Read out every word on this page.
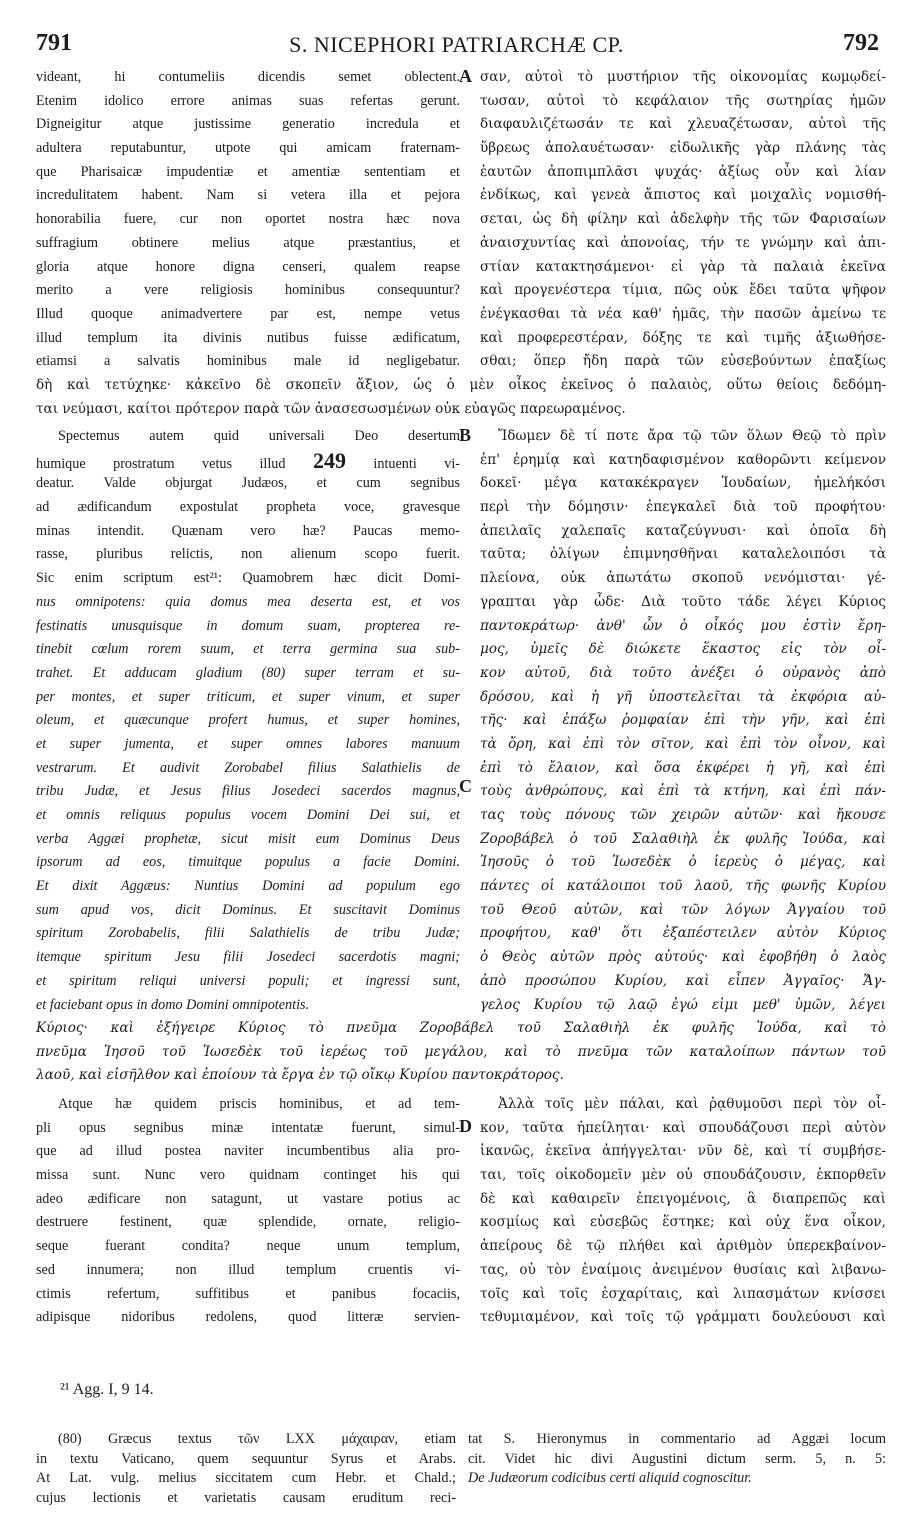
791	S. NICEPHORI PATRIARCHÆ CP.	792
A
videant, hi contumeliis dicendis semet oblectent.
Etenim idolico errore animas suas refertas gerunt.
Digneigitur atque justissime generatio incredula et
adultera reputabuntur, utpote qui amicam fraternam-
que Pharisaicæ impudentiæ et amentiæ sententiam et
incredulitatem habent. Nam si vetera illa et pejora
honorabilia fuere, cur non oportet nostra hæc nova
suffragium obtinere melius atque præstantius, et
gloria atque honore digna censeri, qualem reapse
merito a vere religiosis hominibus consequuntur?
Illud quoque animadvertere par est, nempe vetus
illud templum ita divinis nutibus fuisse ædificatum,
etiamsi a salvatis hominibus male id negligebatur.
σαν, αὐτοὶ τὸ μυστήριον τῆς οἰκονομίας κωμῳδεί-
τωσαν, αὐτοὶ τὸ κεφάλαιον τῆς σωτηρίας ἡμῶν
διαφαυλιζέτωσάν τε καὶ χλευαζέτωσαν, αὐτοὶ τῆς
ὕβρεως ἀπολαυέτωσαν· εἰδωλικῆς γὰρ πλάνης τὰς
ἑαυτῶν ἀποπιμπλᾶσι ψυχάς· ἀξίως οὖν καὶ λίαν
ἐνδίκως, καὶ γενεὰ ἄπιστος καὶ μοιχαλὶς νομισθή-
σεται, ὡς δὴ φίλην καὶ ἀδελφὴν τῆς τῶν Φαρισαίων
ἀναισχυντίας καὶ ἀπονοίας, τήν τε γνώμην καὶ ἀπι-
στίαν κατακτησάμενοι· εἰ γὰρ τὰ παλαιὰ ἐκεῖνα
καὶ προγενέστερα τίμια, πῶς οὐκ ἔδει ταῦτα ψῆφον
ἐνέγκασθαι τὰ νέα καθ' ἡμᾶς, τὴν πασῶν ἀμείνω τε
καὶ προφερεστέραν, δόξης τε καὶ τιμῆς ἀξιωθήσε-
σθαι; ὅπερ ἤδη παρὰ τῶν εὐσεβούντων ἐπαξίως
δὴ καὶ τετύχηκε· κἀκεῖνο δὲ σκοπεῖν ἄξιον, ὡς ὁ μὲν οἶκος ἐκεῖνος ὁ παλαιὸς, οὕτω θείοις δεδόμη-
ται νεύμασι, καίτοι πρότερον παρὰ τῶν ἀνασεσωσμένων οὐκ εὐαγῶς παρεωραμένος.
B
C
Spectemus autem quid universali Deo desertum
humique prostratum vetus illud 249 intuenti vi-
deatur. Valde objurgat Judæos, et cum segnibus
ad ædificandum expostulat propheta voce, gravesque
minas intendit. Quænam vero hæ? Paucas memo-
rasse, pluribus relictis, non alienum scopo fuerit.
Sic enim scriptum est²¹: Quamobrem hæc dicit Domi-
nus omnipotens: quia domus mea deserta est, et vos
festinatis unusquisque in domum suam, propterea re-
tinebit cœlum rorem suum, et terra germina sua sub-
trahet. Et adducam gladium (80) super terram et su-
per montes, et super triticum, et super vinum, et super
oleum, et quæcunque profert humus, et super homines,
et super jumenta, et super omnes labores manuum
vestrarum. Et audivit Zorobabel filius Salathielis de
tribu Judæ, et Jesus filius Josedeci sacerdos magnus,
et omnis reliquus populus vocem Domini Dei sui, et
verba Aggæi prophetæ, sicut misit eum Dominus Deus
ipsorum ad eos, timuitque populus a facie Domini.
Et dixit Aggæus: Nuntius Domini ad populum ego
sum apud vos, dicit Dominus. Et suscitavit Dominus
spiritum Zorobabelis, filii Salathielis de tribu Judæ;
itemque spiritum Jesu filii Josedeci sacerdotis magni;
et spiritum reliqui universi populi; et ingressi sunt,
et faciebant opus in domo Domini omnipotentis.
Ἴδωμεν δὲ τί ποτε ἄρα τῷ τῶν ὅλων Θεῷ τὸ πρὶν
ἐπ' ἐρημίᾳ καὶ κατηδαφισμένον καθορῶντι κείμενον
δοκεῖ· μέγα κατακέκραγεν Ἰουδαίων, ἠμελήκόσι
περὶ τὴν δόμησιν· ἐπεγκαλεῖ διὰ τοῦ προφήτου·
ἀπειλαῖς χαλεπαῖς καταζεύγνυσι· καὶ ὁποῖα δὴ
ταῦτα; ὀλίγων ἐπιμνησθῆναι καταλελοιπόσι τὰ
πλείονα, οὐκ ἀπωτάτω σκοποῦ νενόμισται· γέ-
γραπται γὰρ ὧδε· Διὰ τοῦτο τάδε λέγει Κύριος
παντοκράτωρ· ἀνθ' ὧν ὁ οἶκός μου ἐστὶν ἔρη-
μος, ὑμεῖς δὲ διώκετε ἕκαστος εἰς τὸν οἶ-
κον αὐτοῦ, διὰ τοῦτο ἀνέξει ὁ οὐρανὸς ἀπὸ
δρόσου, καὶ ἡ γῆ ὑποστελεῖται τὰ ἐκφόρια αὐ-
τῆς· καὶ ἐπάξω ῥομφαίαν ἐπὶ τὴν γῆν, καὶ ἐπὶ
τὰ ὄρη, καὶ ἐπὶ τὸν σῖτον, καὶ ἐπὶ τὸν οἶνον, καὶ
ἐπὶ τὸ ἔλαιον, καὶ ὅσα ἐκφέρει ἡ γῆ, καὶ ἐπὶ
τοὺς ἀνθρώπους, καὶ ἐπὶ τὰ κτήνη, καὶ ἐπὶ πάν-
τας τοὺς πόνους τῶν χειρῶν αὐτῶν· καὶ ἤκουσε
Ζοροβάβελ ὁ τοῦ Σαλαθιὴλ ἐκ φυλῆς Ἰούδα, καὶ
Ἰησοῦς ὁ τοῦ Ἰωσεδὲκ ὁ ἱερεὺς ὁ μέγας, καὶ
πάντες οἱ κατάλοιποι τοῦ λαοῦ, τῆς φωνῆς Κυρίου
τοῦ Θεοῦ αὐτῶν, καὶ τῶν λόγων Ἀγγαίου τοῦ
προφήτου, καθ' ὅτι ἐξαπέστειλεν αὐτὸν Κύριος
ὁ Θεὸς αὐτῶν πρὸς αὐτούς· καὶ ἐφοβήθη ὁ λαὸς
ἀπὸ προσώπου Κυρίου, καὶ εἶπεν Ἀγγαῖος· Ἄγ-
γελος Κυρίου τῷ λαῷ ἐγώ εἰμι μεθ' ὑμῶν, λέγει
Κύριος· καὶ ἐξήγειρε Κύριος τὸ πνεῦμα Ζοροβάβελ τοῦ Σαλαθιὴλ ἐκ φυλῆς Ἰούδα, καὶ τὸ
πνεῦμα Ἰησοῦ τοῦ Ἰωσεδὲκ τοῦ ἱερέως τοῦ μεγάλου, καὶ τὸ πνεῦμα τῶν καταλοίπων πάντων τοῦ
λαοῦ, καὶ εἰσῆλθον καὶ ἐποίουν τὰ ἔργα ἐν τῷ οἴκῳ Κυρίου παντοκράτορος.
D
Atque hæ quidem priscis hominibus, et ad tem-
pli opus segnibus minæ intentatæ fuerunt, simul-
que ad illud postea naviter incumbentibus alia pro-
missa sunt. Nunc vero quidnam continget his qui
adeo ædificare non satagunt, ut vastare potius ac
destruere festinent, quæ splendide, ornate, religio-
seque fuerant condita? neque unum templum,
sed innumera; non illud templum cruentis vi-
ctimis refertum, suffitibus et panibus focaciis,
adipisque nidoribus redolens, quod litteræ servien-
Ἀλλὰ τοῖς μὲν πάλαι, καὶ ῥᾳθυμοῦσι περὶ τὸν οἶ-
κον, ταῦτα ἠπείληται· καὶ σπουδάζουσι περὶ αὐτὸν
ἱκανῶς, ἐκεῖνα ἀπήγγελται· νῦν δὲ, καὶ τί συμβήσε-
ται, τοῖς οἰκοδομεῖν μὲν οὐ σπουδάζουσιν, ἐκπορθεῖν
δὲ καὶ καθαιρεῖν ἐπειγομένοις, ἃ διαπρεπῶς καὶ
κοσμίως καὶ εὐσεβῶς ἕστηκε; καὶ οὐχ ἕνα οἶκον,
ἀπείρους δὲ τῷ πλήθει καὶ ἀριθμὸν ὑπερεκβαίνον-
τας, οὐ τὸν ἐναίμοις ἀνειμένον θυσίαις καὶ λιβανω-
τοῖς καὶ τοῖς ἐσχαρίταις, καὶ λιπασμάτων κνίσσει
τεθυμιαμένον, καὶ τοῖς τῷ γράμματι δουλεύουσι καὶ
²¹ Agg. I, 9 14.
(80) Græcus textus τῶν LXX μάχαιραν, etiam
in textu Vaticano, quem sequuntur Syrus et Arabs.
At Lat. vulg. melius siccitatem cum Hebr. et Chald.;
cujus lectionis et varietatis causam eruditum reci-
tat S. Hieronymus in commentario ad Aggæi locum
cit. Videt hic divi Augustini dictum serm. 5, n. 5:
De Judæorum codicibus certi aliquid cognoscitur.
